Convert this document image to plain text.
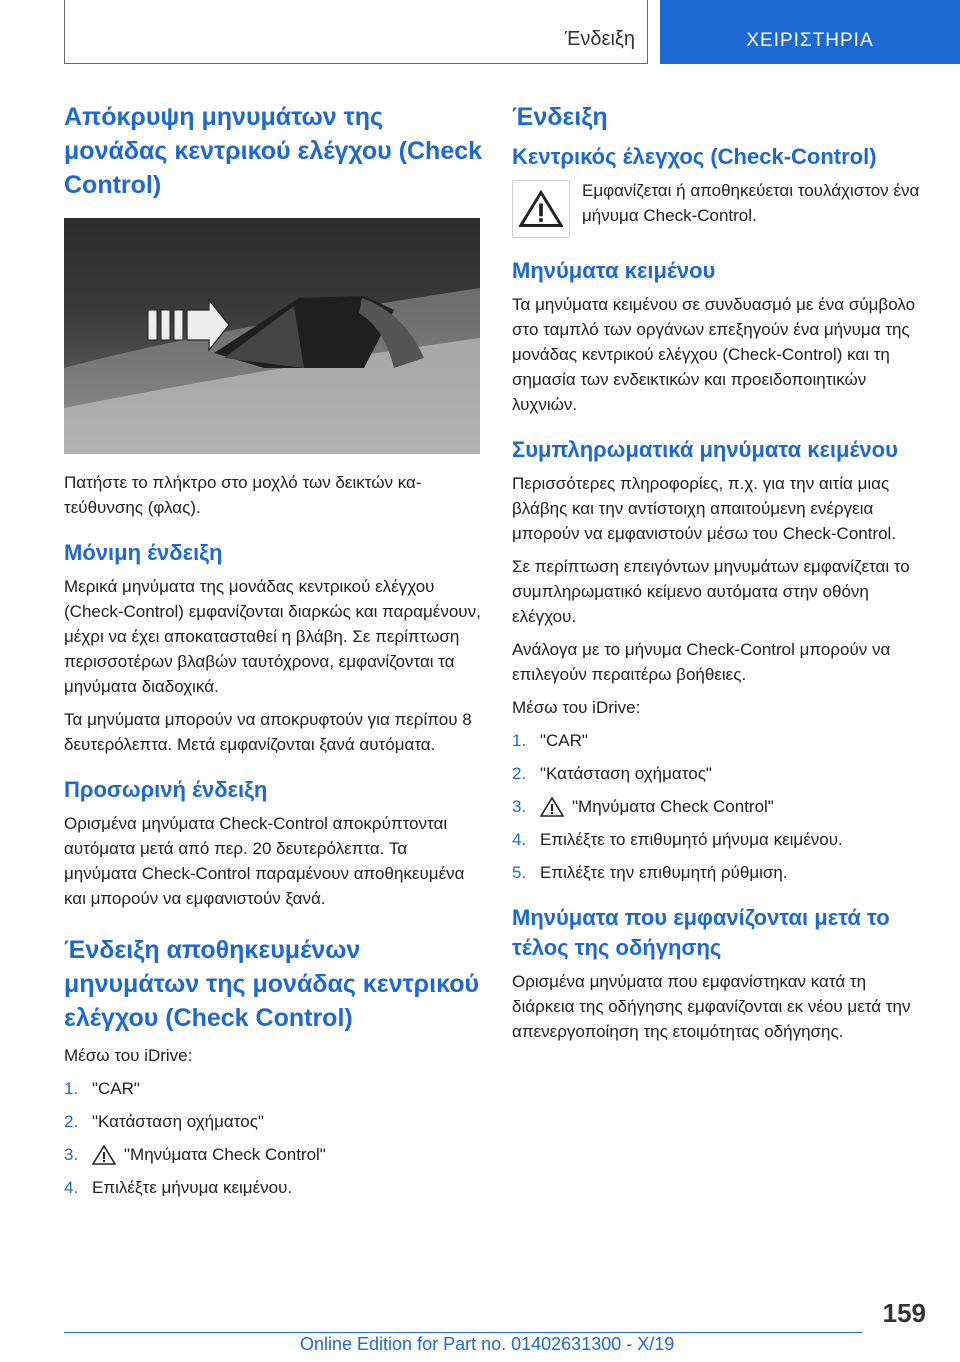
Ένδειξη	ΧΕΙΡΙΣΤΗΡΙΑ
Απόκρυψη μηνυμάτων της μονάδας κεντρικού ελέγχου (Check Control)

Πατήστε το πλήκτρο στο μοχλό των δεικτών κατεύθυνσης (φλας).

Μόνιμη ένδειξη

Μερικά μηνύματα της μονάδας κεντρικού ελέγχου (Check-Control) εμφανίζονται διαρκώς και παραμένουν, μέχρι να έχει αποκατασταθεί η βλάβη. Σε περίπτωση περισσοτέρων βλαβών ταυτόχρονα, εμφανίζονται τα μηνύματα διαδοχικά.

Τα μηνύματα μπορούν να αποκρυφτούν για περίπου 8 δευτερόλεπτα. Μετά εμφανίζονται ξανά αυτόματα.

Προσωρινή ένδειξη

Ορισμένα μηνύματα Check-Control αποκρύπτονται αυτόματα μετά από περ. 20 δευτερόλεπτα. Τα μηνύματα Check-Control παραμένουν αποθηκευμένα και μπορούν να εμφανιστούν ξανά.

Ένδειξη αποθηκευμένων μηνυμάτων της μονάδας κεντρικού ελέγχου (Check Control)

Μέσω του iDrive:

1. "CAR"
2. "Κατάσταση οχήματος"
3.	"Μηνύματα Check Control"
4. Επιλέξτε μήνυμα κειμένου.
Ένδειξη
Κεντρικός έλεγχος (Check-Control)

Εμφανίζεται ή αποθηκεύεται τουλάχιστον ένα μήνυμα Check-Control.

Μηνύματα κειμένου

Τα μηνύματα κειμένου σε συνδυασμό με ένα σύμβολο στο ταμπλό των οργάνων επεξηγούν ένα μήνυμα της μονάδας κεντρικού ελέγχου (Check-Control) και τη σημασία των ενδεικτικών και προειδοποιητικών λυχνιών.

Συμπληρωματικά μηνύματα κειμένου

Περισσότερες πληροφορίες, π.χ. για την αιτία μιας βλάβης και την αντίστοιχη απαιτούμενη ενέργεια μπορούν να εμφανιστούν μέσω του Check-Control.

Σε περίπτωση επειγόντων μηνυμάτων εμφανίζεται το συμπληρωματικό κείμενο αυτόματα στην οθόνη ελέγχου.

Ανάλογα με το μήνυμα Check-Control μπορούν να επιλεγούν περαιτέρω βοήθειες.

Μέσω του iDrive:

1. "CAR"
2. "Κατάσταση οχήματος"
3.	"Μηνύματα Check Control"
4. Επιλέξτε το επιθυμητό μήνυμα κειμένου.
5. Επιλέξτε την επιθυμητή ρύθμιση.
Μηνύματα που εμφανίζονται μετά το τέλος της οδήγησης

Ορισμένα μηνύματα που εμφανίστηκαν κατά τη διάρκεια της οδήγησης εμφανίζονται εκ νέου μετά την απενεργοποίηση της ετοιμότητας οδήγησης.

159
Online Edition for Part no. 01402631300 - X/19
